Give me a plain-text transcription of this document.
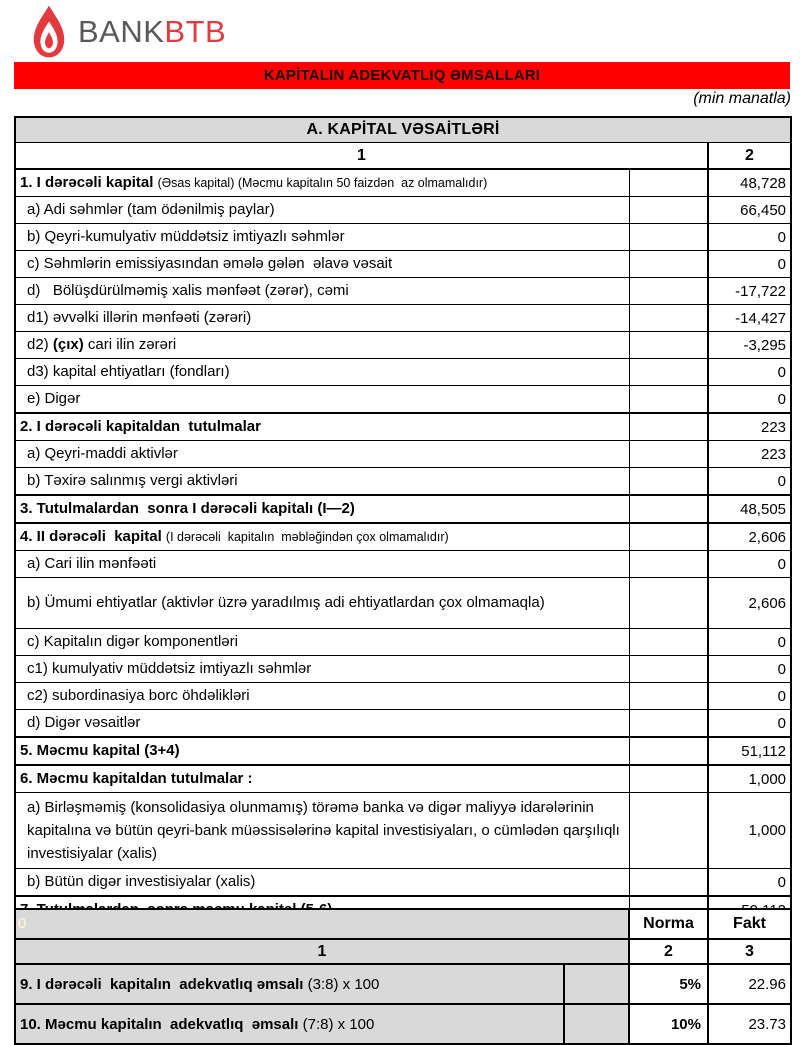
BANKBTB
KAPİTALIN ADEKVATLIQ ƏMSALLARI
(min manatla)
A. KAPİTAL VƏSAİTLƏRİ		
1		2
1. I dərəcəli kapital (Əsas kapital) (Məcmu kapitalın 50 faizdən  az olmamalıdır)		48,728
a) Adi səhmlər (tam ödənilmiş paylar)		66,450
b) Qeyri-kumulyativ müddətsiz imtiyazlı səhmlər		0
c) Səhmlərin emissiyasından əmələ gələn  əlavə vəsait		0
d)   Bölüşdürülməmiş xalis mənfəət (zərər), cəmi		-17,722
d1) əvvəlki illərin mənfəəti (zərəri)		-14,427
d2) (çıx) cari ilin zərəri		-3,295
d3) kapital ehtiyatları (fondları)		0
e) Digər		0
2. I dərəcəli kapitaldan  tutulmalar		223
a) Qeyri-maddi aktivlər		223
b) Təxirə salınmış vergi aktivləri		0
3. Tutulmalardan  sonra I dərəcəli kapitalı (I—2)		48,505
4. II dərəcəli  kapital (I dərəcəli  kapitalın  məbləğindən çox olmamalıdır)		2,606
a) Cari ilin mənfəəti		0
b) Ümumi ehtiyatlar (aktivlər üzrə yaradılmış adi ehtiyatlardan çox olmamaqla)		2,606
c) Kapitalın digər komponentləri		0
c1) kumulyativ müddətsiz imtiyazlı səhmlər		0
c2) subordinasiya borc öhdəlikləri		0
d) Digər vəsaitlər		0
5. Məcmu kapital (3+4)		51,112
6. Məcmu kapitaldan tutulmalar :		1,000
a) Birləşməmiş (konsolidasiya olunmamış) törəmə banka və digər maliyyə idarələrinin kapitalına və bütün qeyri-bank müəssisələrinə kapital investisiyaları, o cümlədən qarşılıqlı investisiyalar (xalis)		1,000
b) Bütün digər investisiyalar (xalis)		0

0		Norma	Fakt
1		2	3
9. I dərəcəli  kapitalın  adekvatlıq əmsalı (3:8) x 100		5%	22.96
10. Məcmu kapitalın  adekvatlıq  əmsalı (7:8) x 100		10%	23.73
